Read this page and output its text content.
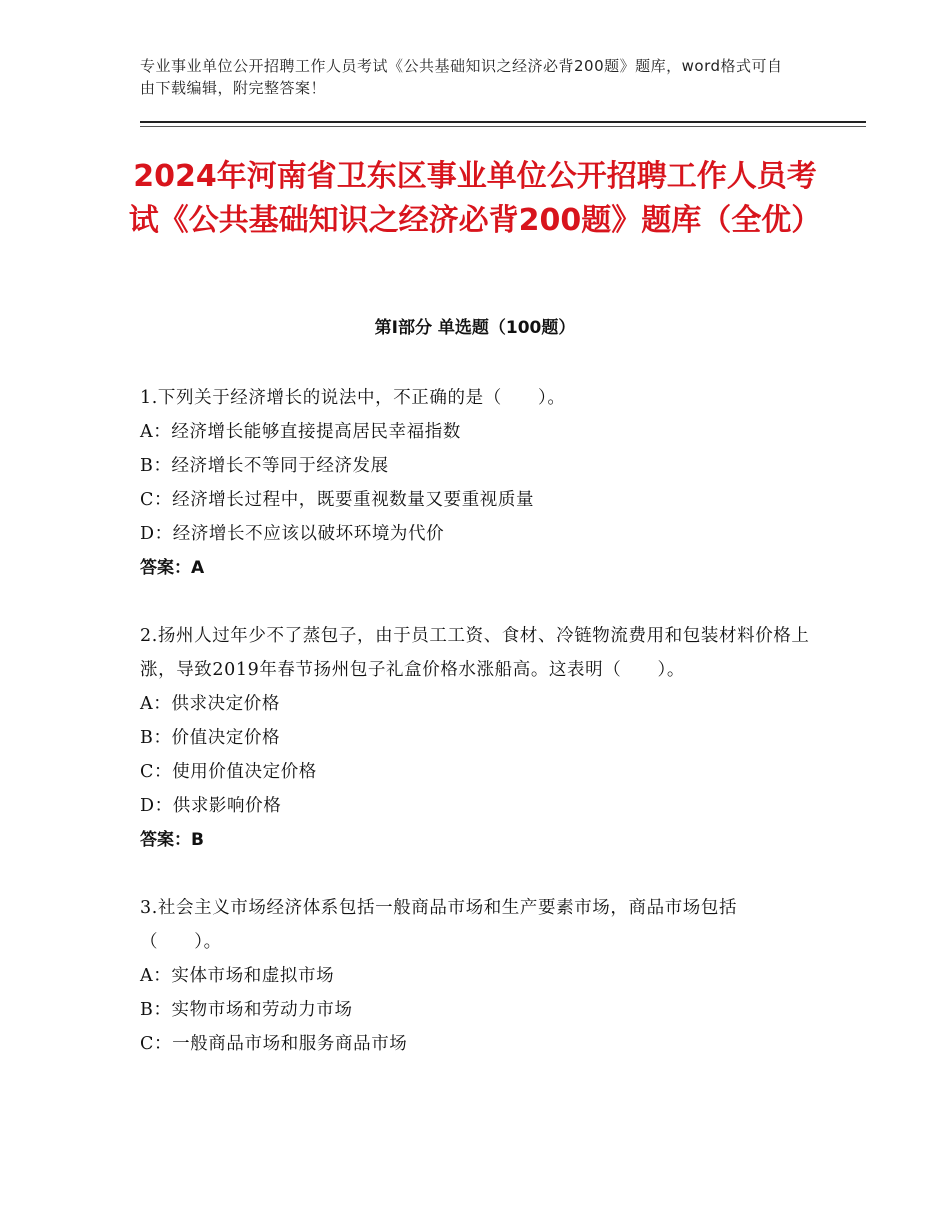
专业事业单位公开招聘工作人员考试《公共基础知识之经济必背200题》题库，word格式可自由下载编辑，附完整答案！
2024年河南省卫东区事业单位公开招聘工作人员考试《公共基础知识之经济必背200题》题库（全优）
第I部分 单选题（100题）
1.下列关于经济增长的说法中，不正确的是（　　）。
A：经济增长能够直接提高居民幸福指数
B：经济增长不等同于经济发展
C：经济增长过程中，既要重视数量又要重视质量
D：经济增长不应该以破坏环境为代价
答案：A
2.扬州人过年少不了蒸包子，由于员工工资、食材、冷链物流费用和包装材料价格上涨，导致2019年春节扬州包子礼盒价格水涨船高。这表明（　　）。
A：供求决定价格
B：价值决定价格
C：使用价值决定价格
D：供求影响价格
答案：B
3.社会主义市场经济体系包括一般商品市场和生产要素市场，商品市场包括（　　）。
A：实体市场和虚拟市场
B：实物市场和劳动力市场
C：一般商品市场和服务商品市场
